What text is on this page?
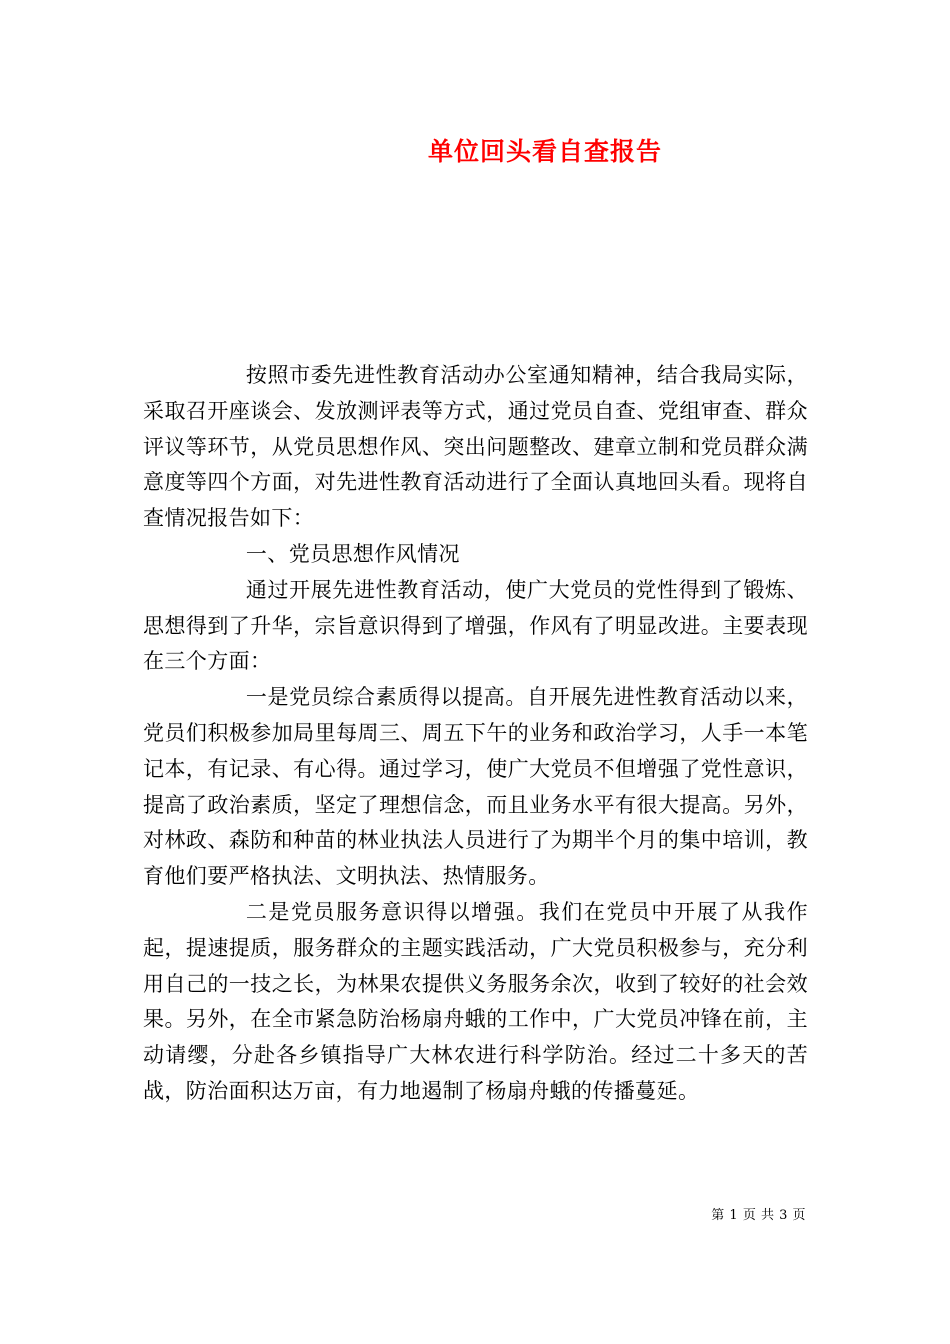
单位回头看自查报告

按照市委先进性教育活动办公室通知精神，结合我局实际，采取召开座谈会、发放测评表等方式，通过党员自查、党组审查、群众评议等环节，从党员思想作风、突出问题整改、建章立制和党员群众满意度等四个方面，对先进性教育活动进行了全面认真地回头看。现将自查情况报告如下：

一、党员思想作风情况

通过开展先进性教育活动，使广大党员的党性得到了锻炼、思想得到了升华，宗旨意识得到了增强，作风有了明显改进。主要表现在三个方面：

一是党员综合素质得以提高。自开展先进性教育活动以来，党员们积极参加局里每周三、周五下午的业务和政治学习，人手一本笔记本，有记录、有心得。通过学习，使广大党员不但增强了党性意识，提高了政治素质，坚定了理想信念，而且业务水平有很大提高。另外，对林政、森防和种苗的林业执法人员进行了为期半个月的集中培训，教育他们要严格执法、文明执法、热情服务。

二是党员服务意识得以增强。我们在党员中开展了从我作起，提速提质，服务群众的主题实践活动，广大党员积极参与，充分利用自己的一技之长，为林果农提供义务服务余次，收到了较好的社会效果。另外，在全市紧急防治杨扇舟蛾的工作中，广大党员冲锋在前，主动请缨，分赴各乡镇指导广大林农进行科学防治。经过二十多天的苦战，防治面积达万亩，有力地遏制了杨扇舟蛾的传播蔓延。

第 1 页 共 3 页
